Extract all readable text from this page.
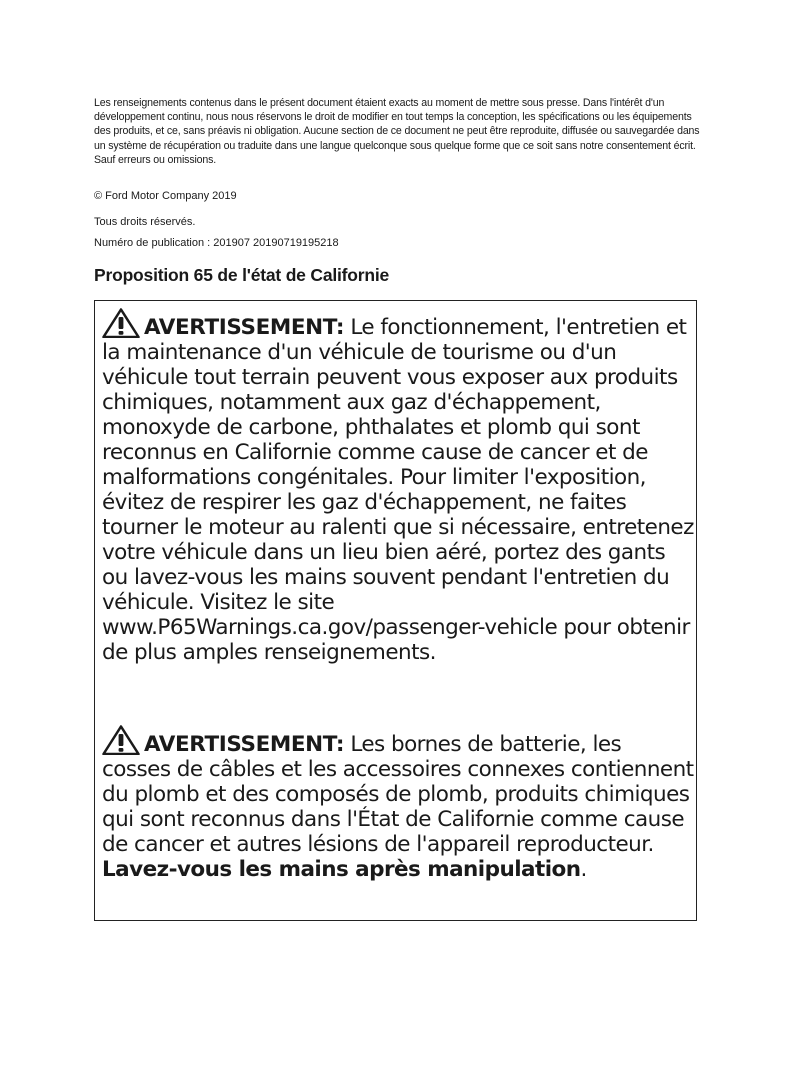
Les renseignements contenus dans le présent document étaient exacts au moment de mettre sous presse. Dans l'intérêt d'un développement continu, nous nous réservons le droit de modifier en tout temps la conception, les spécifications ou les équipements des produits, et ce, sans préavis ni obligation. Aucune section de ce document ne peut être reproduite, diffusée ou sauvegardée dans un système de récupération ou traduite dans une langue quelconque sous quelque forme que ce soit sans notre consentement écrit. Sauf erreurs ou omissions.

© Ford Motor Company 2019

Tous droits réservés.

Numéro de publication : 201907 20190719195218

Proposition 65 de l'état de Californie

AVERTISSEMENT: Le fonctionnement, l'entretien et la maintenance d'un véhicule de tourisme ou d'un véhicule tout terrain peuvent vous exposer aux produits chimiques, notamment aux gaz d'échappement, monoxyde de carbone, phthalates et plomb qui sont reconnus en Californie comme cause de cancer et de malformations congénitales. Pour limiter l'exposition, évitez de respirer les gaz d'échappement, ne faites tourner le moteur au ralenti que si nécessaire, entretenez votre véhicule dans un lieu bien aéré, portez des gants ou lavez-vous les mains souvent pendant l'entretien du véhicule. Visitez le site www.P65Warnings.ca.gov/passenger-vehicle pour obtenir de plus amples renseignements.

AVERTISSEMENT: Les bornes de batterie, les cosses de câbles et les accessoires connexes contiennent du plomb et des composés de plomb, produits chimiques qui sont reconnus dans l'État de Californie comme cause de cancer et autres lésions de l'appareil reproducteur. Lavez-vous les mains après manipulation.
